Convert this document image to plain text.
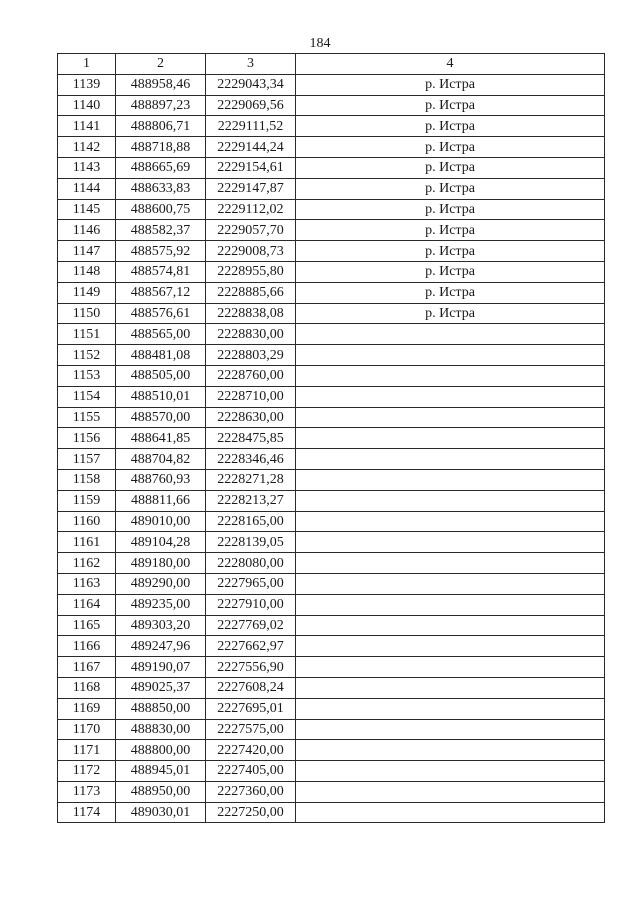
184
1	2	3	4
1139	488958,46	2229043,34	р. Истра
1140	488897,23	2229069,56	р. Истра
1141	488806,71	2229111,52	р. Истра
1142	488718,88	2229144,24	р. Истра
1143	488665,69	2229154,61	р. Истра
1144	488633,83	2229147,87	р. Истра
1145	488600,75	2229112,02	р. Истра
1146	488582,37	2229057,70	р. Истра
1147	488575,92	2229008,73	р. Истра
1148	488574,81	2228955,80	р. Истра
1149	488567,12	2228885,66	р. Истра
1150	488576,61	2228838,08	р. Истра
1151	488565,00	2228830,00	
1152	488481,08	2228803,29	
1153	488505,00	2228760,00	
1154	488510,01	2228710,00	
1155	488570,00	2228630,00	
1156	488641,85	2228475,85	
1157	488704,82	2228346,46	
1158	488760,93	2228271,28	
1159	488811,66	2228213,27	
1160	489010,00	2228165,00	
1161	489104,28	2228139,05	
1162	489180,00	2228080,00	
1163	489290,00	2227965,00	
1164	489235,00	2227910,00	
1165	489303,20	2227769,02	
1166	489247,96	2227662,97	
1167	489190,07	2227556,90	
1168	489025,37	2227608,24	
1169	488850,00	2227695,01	
1170	488830,00	2227575,00	
1171	488800,00	2227420,00	
1172	488945,01	2227405,00	
1173	488950,00	2227360,00	
1174	489030,01	2227250,00	
